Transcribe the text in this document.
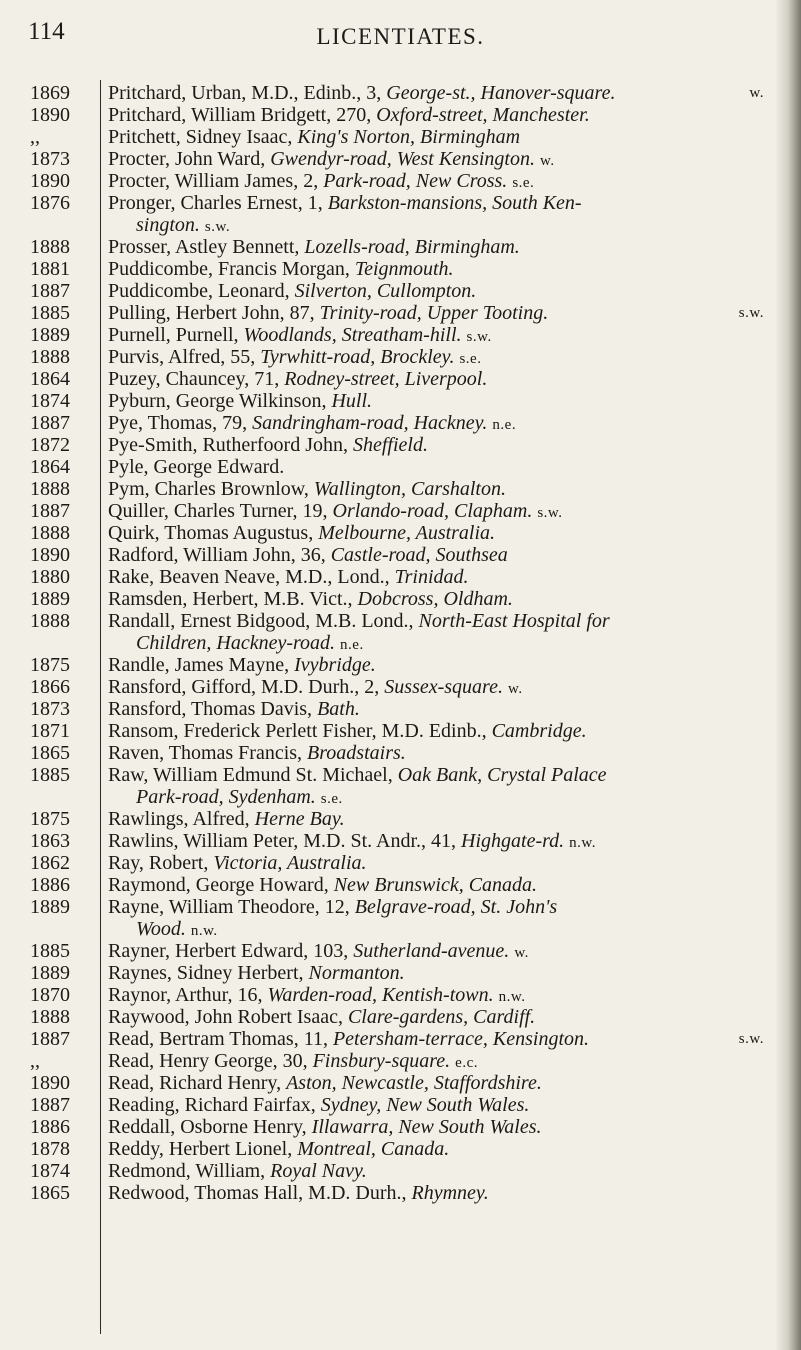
114	LICENTIATES.
1869
1890
,,
1873
1890
1876
1888
1881
1887
1885
1889
1888
1864
1874
1887
1872
1864
1888
1887
1888
1890
1880
1889
1888
1875
1866
1873
1871
1865
1885
1875
1863
1862
1886
1889
1885
1889
1870
1888
1887
,,
1890
1887
1886
1878
1874
1865
w.
Pritchard, Urban, M.D., Edinb., 3, George-st., Hanover-square.
Pritchard, William Bridgett, 270, Oxford-street, Manchester.
Pritchett, Sidney Isaac, King's Norton, Birmingham
Procter, John Ward, Gwendyr-road, West Kensington. w.
Procter, William James, 2, Park-road, New Cross. s.e.
Pronger, Charles Ernest, 1, Barkston-mansions, South Ken-
sington. s.w.
Prosser, Astley Bennett, Lozells-road, Birmingham.
Puddicombe, Francis Morgan, Teignmouth.
Puddicombe, Leonard, Silverton, Cullompton.
s.w.
Pulling, Herbert John, 87, Trinity-road, Upper Tooting.
Purnell, Purnell, Woodlands, Streatham-hill. s.w.
Purvis, Alfred, 55, Tyrwhitt-road, Brockley. s.e.
Puzey, Chauncey, 71, Rodney-street, Liverpool.
Pyburn, George Wilkinson, Hull.
Pye, Thomas, 79, Sandringham-road, Hackney. n.e.
Pye-Smith, Rutherfoord John, Sheffield.
Pyle, George Edward.
Pym, Charles Brownlow, Wallington, Carshalton.
Quiller, Charles Turner, 19, Orlando-road, Clapham. s.w.
Quirk, Thomas Augustus, Melbourne, Australia.
Radford, William John, 36, Castle-road, Southsea
Rake, Beaven Neave, M.D., Lond., Trinidad.
Ramsden, Herbert, M.B. Vict., Dobcross, Oldham.
Randall, Ernest Bidgood, M.B. Lond., North-East Hospital for
Children, Hackney-road. n.e.
Randle, James Mayne, Ivybridge.
Ransford, Gifford, M.D. Durh., 2, Sussex-square. w.
Ransford, Thomas Davis, Bath.
Ransom, Frederick Perlett Fisher, M.D. Edinb., Cambridge.
Raven, Thomas Francis, Broadstairs.
Raw, William Edmund St. Michael, Oak Bank, Crystal Palace
Park-road, Sydenham. s.e.
Rawlings, Alfred, Herne Bay.
Rawlins, William Peter, M.D. St. Andr., 41, Highgate-rd. n.w.
Ray, Robert, Victoria, Australia.
Raymond, George Howard, New Brunswick, Canada.
Rayne, William Theodore, 12, Belgrave-road, St. John's
Wood. n.w.
Rayner, Herbert Edward, 103, Sutherland-avenue. w.
Raynes, Sidney Herbert, Normanton.
Raynor, Arthur, 16, Warden-road, Kentish-town. n.w.
Raywood, John Robert Isaac, Clare-gardens, Cardiff.
s.w.
Read, Bertram Thomas, 11, Petersham-terrace, Kensington.
Read, Henry George, 30, Finsbury-square. e.c.
Read, Richard Henry, Aston, Newcastle, Staffordshire.
Reading, Richard Fairfax, Sydney, New South Wales.
Reddall, Osborne Henry, Illawarra, New South Wales.
Reddy, Herbert Lionel, Montreal, Canada.
Redmond, William, Royal Navy.
Redwood, Thomas Hall, M.D. Durh., Rhymney.
